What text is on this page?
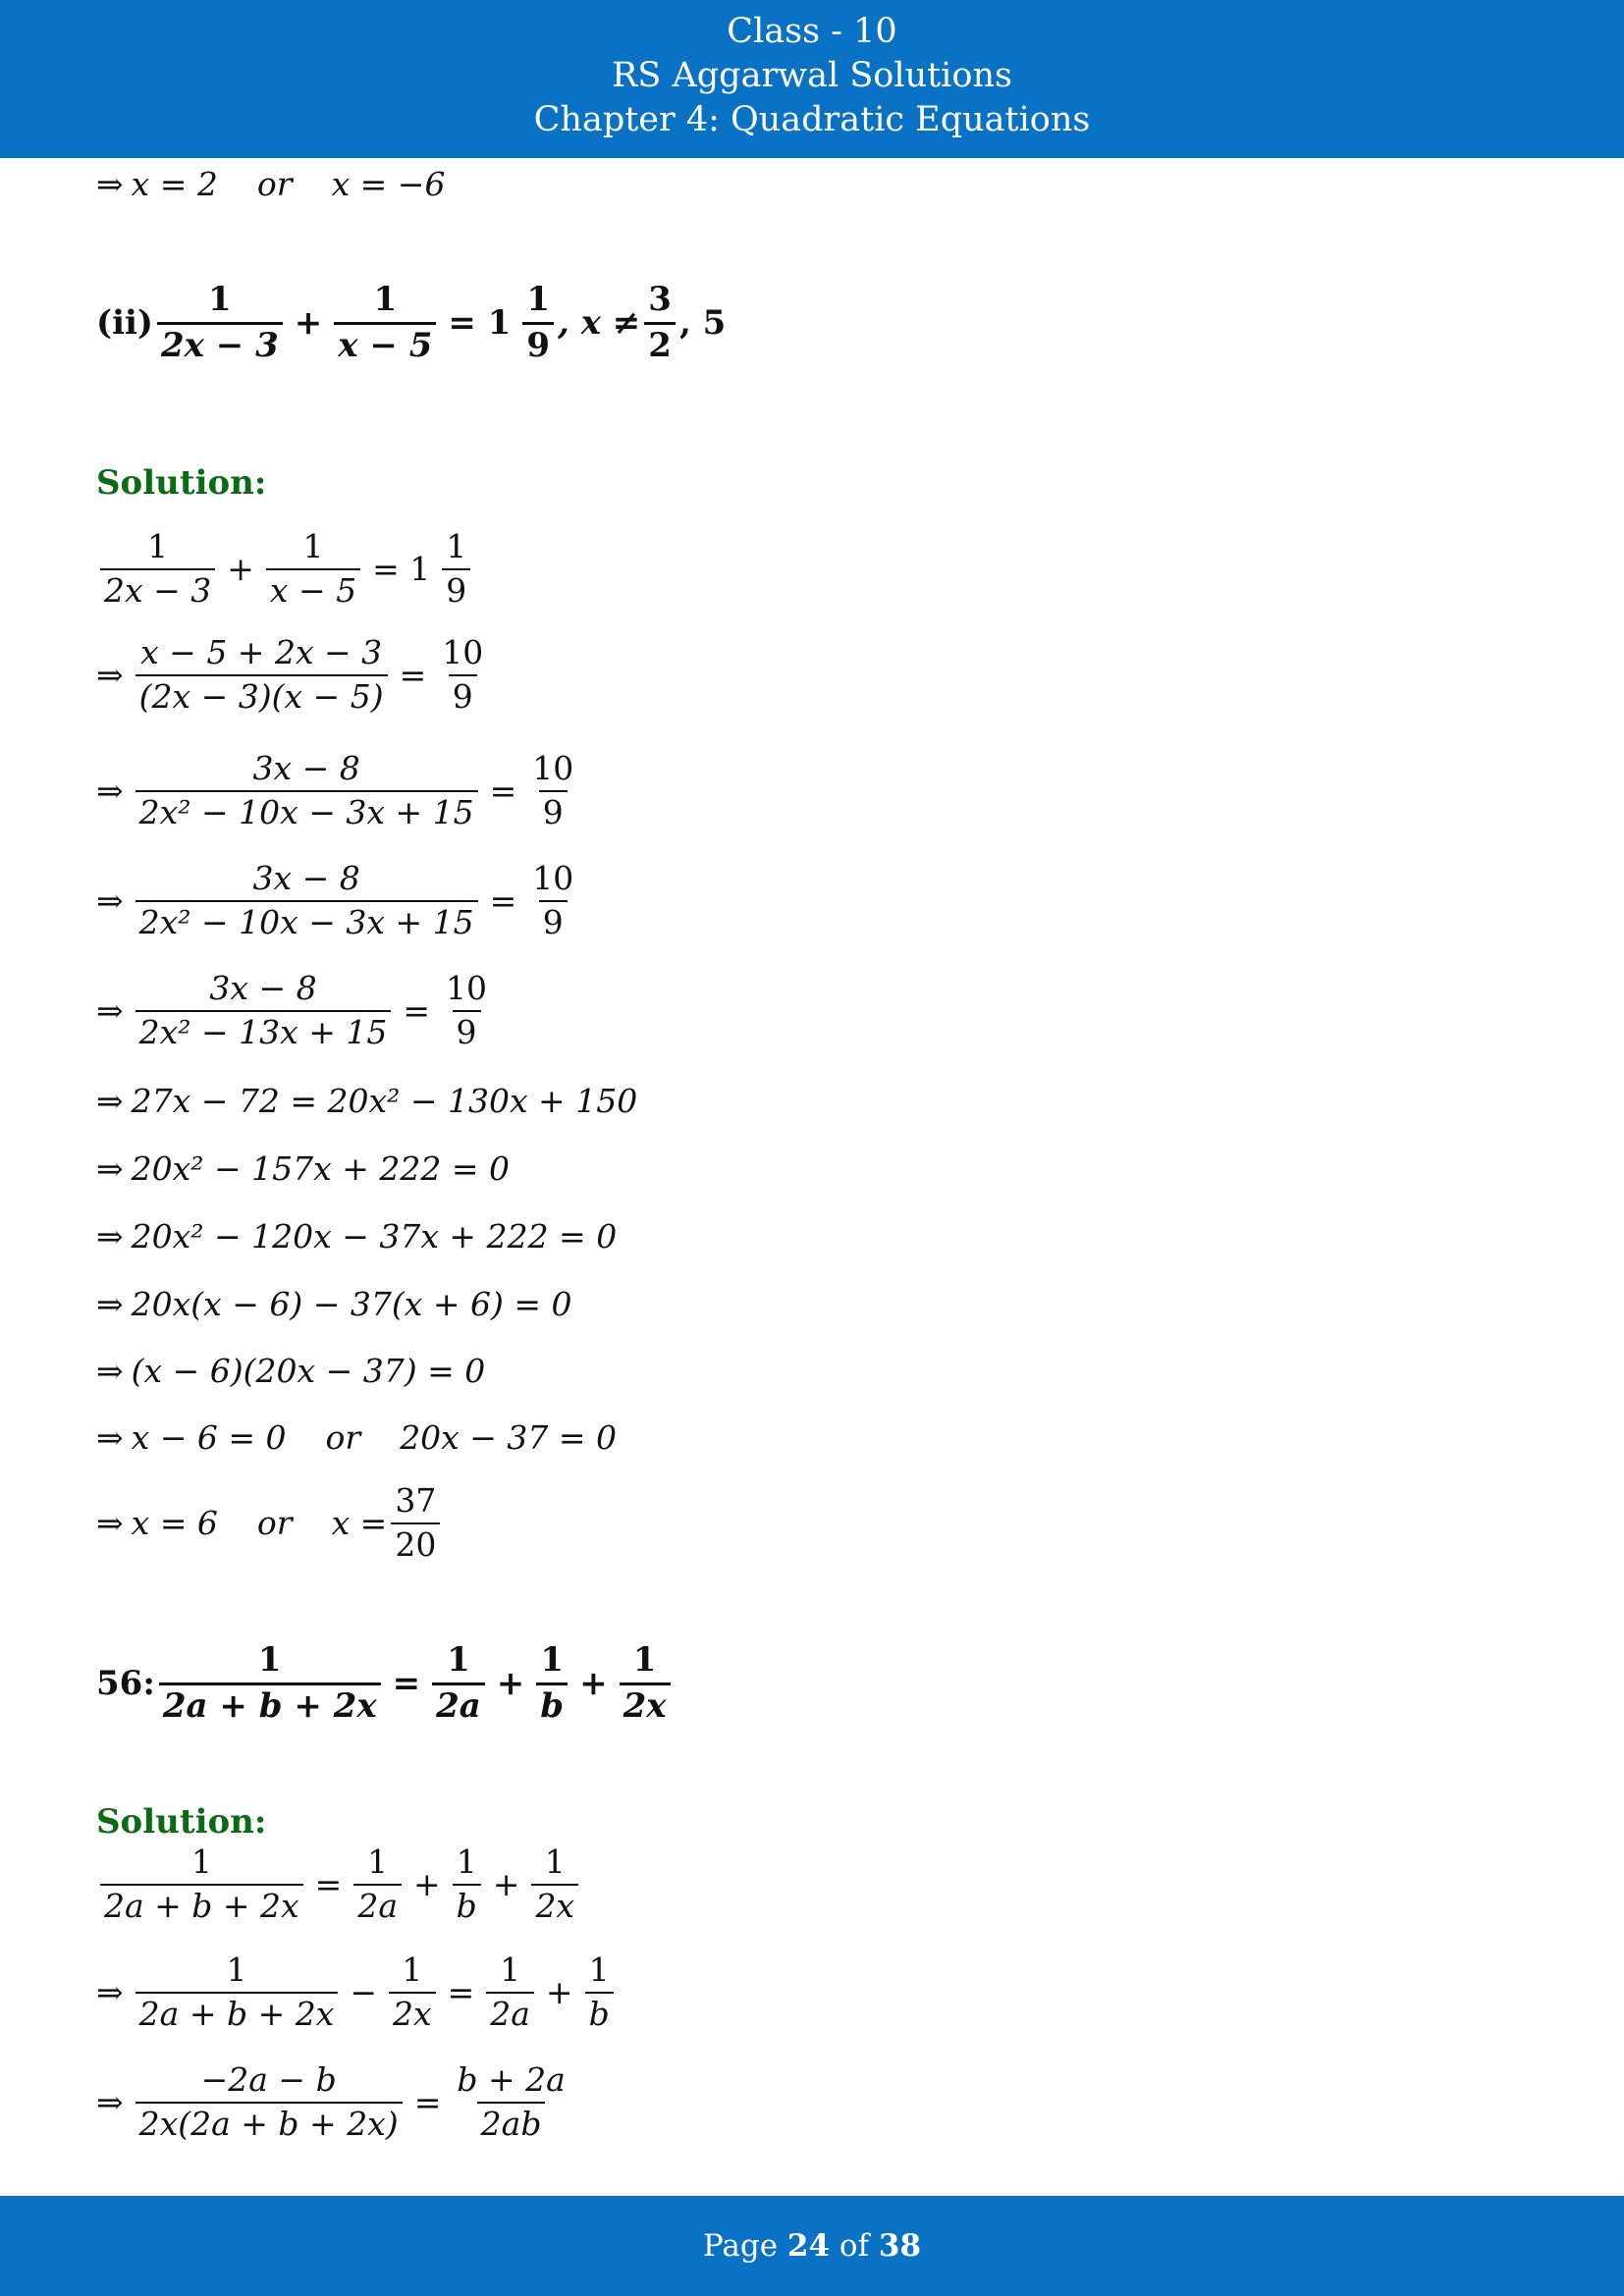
Class - 10
RS Aggarwal Solutions
Chapter 4: Quadratic Equations
⇒ x = 2 or x = −6
$(ii) \frac{1}{2x - 3} + \frac{1}{x - 5} = 1 \frac{1}{9}$ , $x \ne \frac{3}{2}$ , 5
Solution:
$\frac{1}{2x - 3} + \frac{1}{x - 5} = 1 \frac{1}{9}$
⇒ $\frac{x - 5 + 2x - 3}{(2x - 3)(x - 5)} = \frac{10}{9}$
⇒ $\frac{3x - 8}{\text{2x² − 10x − 3x + 15}} = \frac{10}{9}$
⇒ $\frac{3x - 8}{\text{2x² − 10x − 3x + 15}} = \frac{10}{9}$
⇒ $\frac{3x - 8}{\text{2x² − 13x + 15}} = \frac{10}{9}$
⇒ 27x − 72 = 20x² − 130x + 150
⇒ 20x² − 157x + 222 = 0
⇒ 20x² − 120x − 37x + 222 = 0
⇒ 20x(x − 6) − 37(x + 6) = 0
⇒ (x − 6)(20x − 37) = 0
⇒ x − 6 = 0 or 20x − 37 = 0
⇒ x = 6 or $x = \frac{37}{20}$
56: $\frac{1}{2a + b + 2x} = \frac{1}{2a} + \frac{1}{b} + \frac{1}{2x}$
Solution:
$\frac{1}{2a + b + 2x} = \frac{1}{2a} + \frac{1}{b} + \frac{1}{2x}$
⇒ $\frac{1}{2a + b + 2x} - \frac{1}{2x} = \frac{1}{2a} + \frac{1}{b}$
⇒ $\frac{-2a - b}{2x(2a + b + 2x)} = \frac{b + 2a}{2ab}$
Page 24 of 38
